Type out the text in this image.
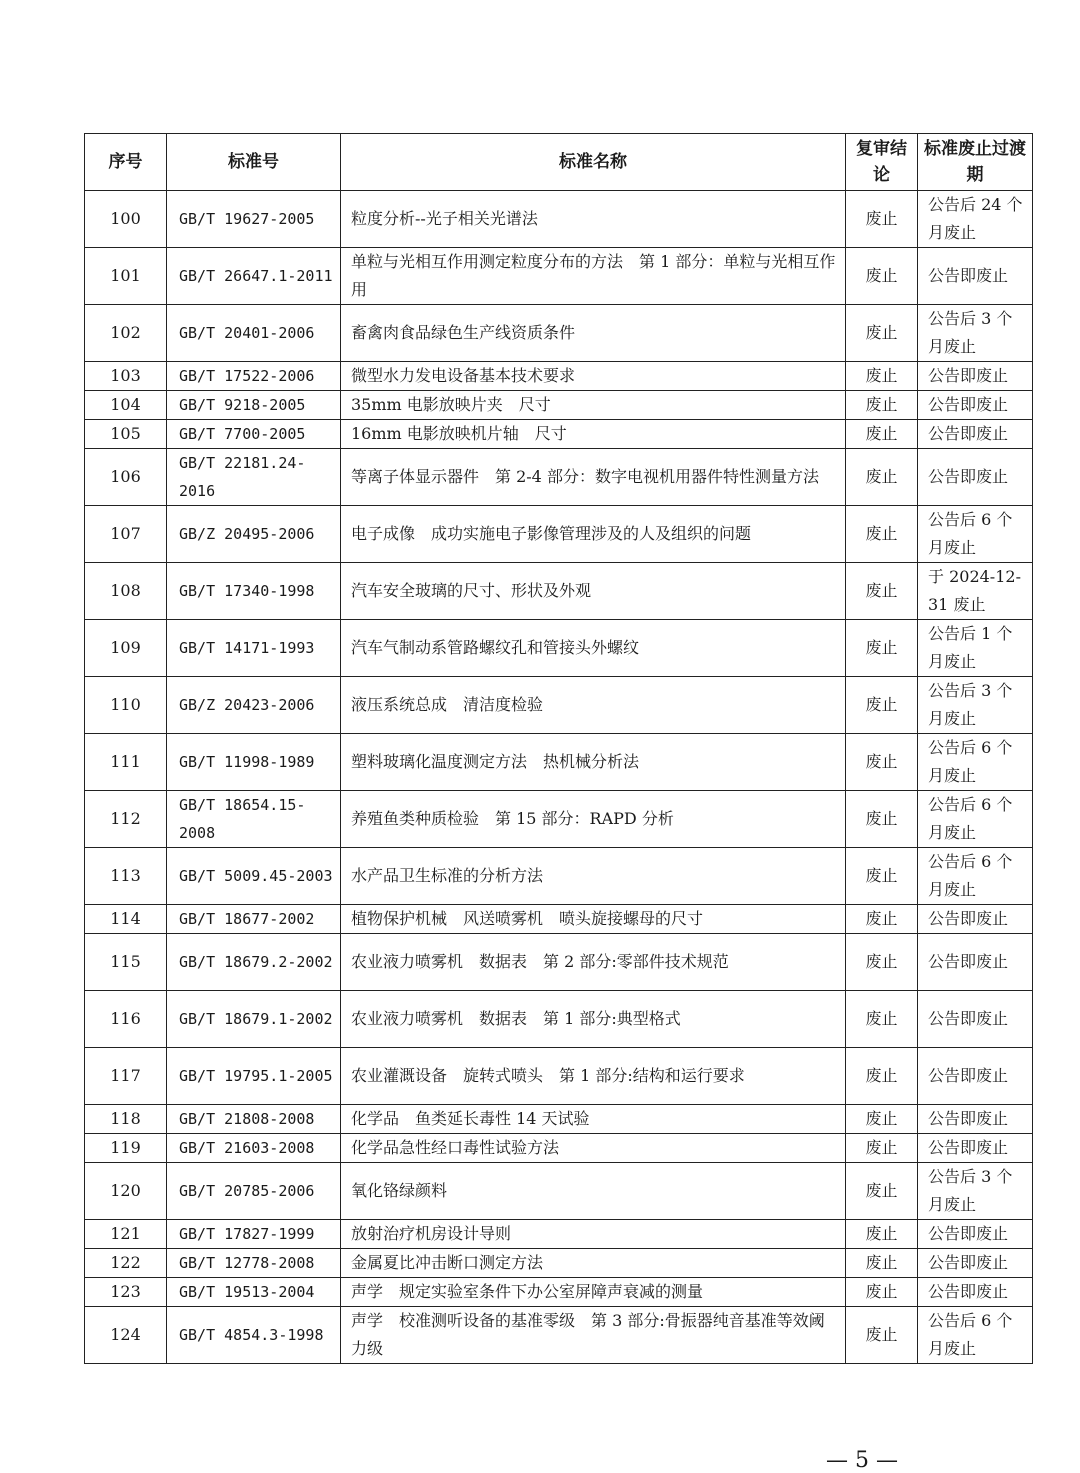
序号	标准号	标准名称	复审结论	标准废止过渡期
100	GB/T 19627-2005	粒度分析--光子相关光谱法	废止	公告后 24 个月废止
101	GB/T 26647.1-2011	单粒与光相互作用测定粒度分布的方法　第 1 部分：单粒与光相互作用	废止	公告即废止
102	GB/T 20401-2006	畜禽肉食品绿色生产线资质条件	废止	公告后 3 个月废止
103	GB/T 17522-2006	微型水力发电设备基本技术要求	废止	公告即废止
104	GB/T 9218-2005	35mm 电影放映片夹　尺寸	废止	公告即废止
105	GB/T 7700-2005	16mm 电影放映机片轴　尺寸	废止	公告即废止
106	GB/T 22181.24-2016	等离子体显示器件　第 2-4 部分：数字电视机用器件特性测量方法	废止	公告即废止
107	GB/Z 20495-2006	电子成像　成功实施电子影像管理涉及的人及组织的问题	废止	公告后 6 个月废止
108	GB/T 17340-1998	汽车安全玻璃的尺寸、形状及外观	废止	于 2024-12-31 废止
109	GB/T 14171-1993	汽车气制动系管路螺纹孔和管接头外螺纹	废止	公告后 1 个月废止
110	GB/Z 20423-2006	液压系统总成　清洁度检验	废止	公告后 3 个月废止
111	GB/T 11998-1989	塑料玻璃化温度测定方法　热机械分析法	废止	公告后 6 个月废止
112	GB/T 18654.15-2008	养殖鱼类种质检验　第 15 部分：RAPD 分析	废止	公告后 6 个月废止
113	GB/T 5009.45-2003	水产品卫生标准的分析方法	废止	公告后 6 个月废止
114	GB/T 18677-2002	植物保护机械　风送喷雾机　喷头旋接螺母的尺寸	废止	公告即废止
115	GB/T 18679.2-2002	农业液力喷雾机　数据表　第 2 部分:零部件技术规范	废止	公告即废止
116	GB/T 18679.1-2002	农业液力喷雾机　数据表　第 1 部分:典型格式	废止	公告即废止
117	GB/T 19795.1-2005	农业灌溉设备　旋转式喷头　第 1 部分:结构和运行要求	废止	公告即废止
118	GB/T 21808-2008	化学品　鱼类延长毒性 14 天试验	废止	公告即废止
119	GB/T 21603-2008	化学品急性经口毒性试验方法	废止	公告即废止
120	GB/T 20785-2006	氧化铬绿颜料	废止	公告后 3 个月废止
121	GB/T 17827-1999	放射治疗机房设计导则	废止	公告即废止
122	GB/T 12778-2008	金属夏比冲击断口测定方法	废止	公告即废止
123	GB/T 19513-2004	声学　规定实验室条件下办公室屏障声衰减的测量	废止	公告即废止
124	GB/T 4854.3-1998	声学　校准测听设备的基准零级　第 3 部分:骨振器纯音基准等效阈力级	废止	公告后 6 个月废止
— 5 —
